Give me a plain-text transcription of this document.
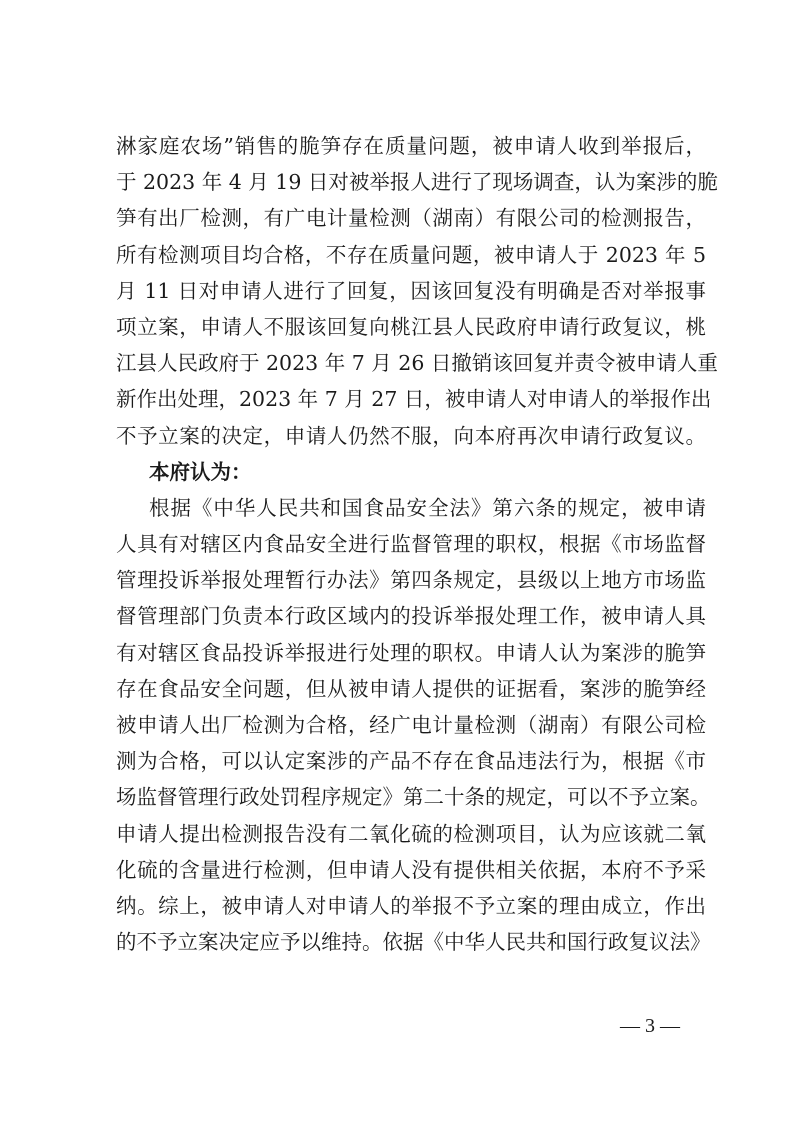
淋家庭农场”销售的脆笋存在质量问题，被申请人收到举报后，
于 2023 年 4 月 19 日对被举报人进行了现场调查，认为案涉的脆
笋有出厂检测，有广电计量检测（湖南）有限公司的检测报告，
所有检测项目均合格，不存在质量问题，被申请人于 2023 年 5
月 11 日对申请人进行了回复，因该回复没有明确是否对举报事
项立案，申请人不服该回复向桃江县人民政府申请行政复议，桃
江县人民政府于 2023 年 7 月 26 日撤销该回复并责令被申请人重
新作出处理，2023 年 7 月 27 日，被申请人对申请人的举报作出
不予立案的决定，申请人仍然不服，向本府再次申请行政复议。
本府认为：
根据《中华人民共和国食品安全法》第六条的规定，被申请
人具有对辖区内食品安全进行监督管理的职权，根据《市场监督
管理投诉举报处理暂行办法》第四条规定，县级以上地方市场监
督管理部门负责本行政区域内的投诉举报处理工作，被申请人具
有对辖区食品投诉举报进行处理的职权。申请人认为案涉的脆笋
存在食品安全问题，但从被申请人提供的证据看，案涉的脆笋经
被申请人出厂检测为合格，经广电计量检测（湖南）有限公司检
测为合格，可以认定案涉的产品不存在食品违法行为，根据《市
场监督管理行政处罚程序规定》第二十条的规定，可以不予立案。
申请人提出检测报告没有二氧化硫的检测项目，认为应该就二氧
化硫的含量进行检测，但申请人没有提供相关依据，本府不予采
纳。综上，被申请人对申请人的举报不予立案的理由成立，作出
的不予立案决定应予以维持。依据《中华人民共和国行政复议法》
— 3 —
